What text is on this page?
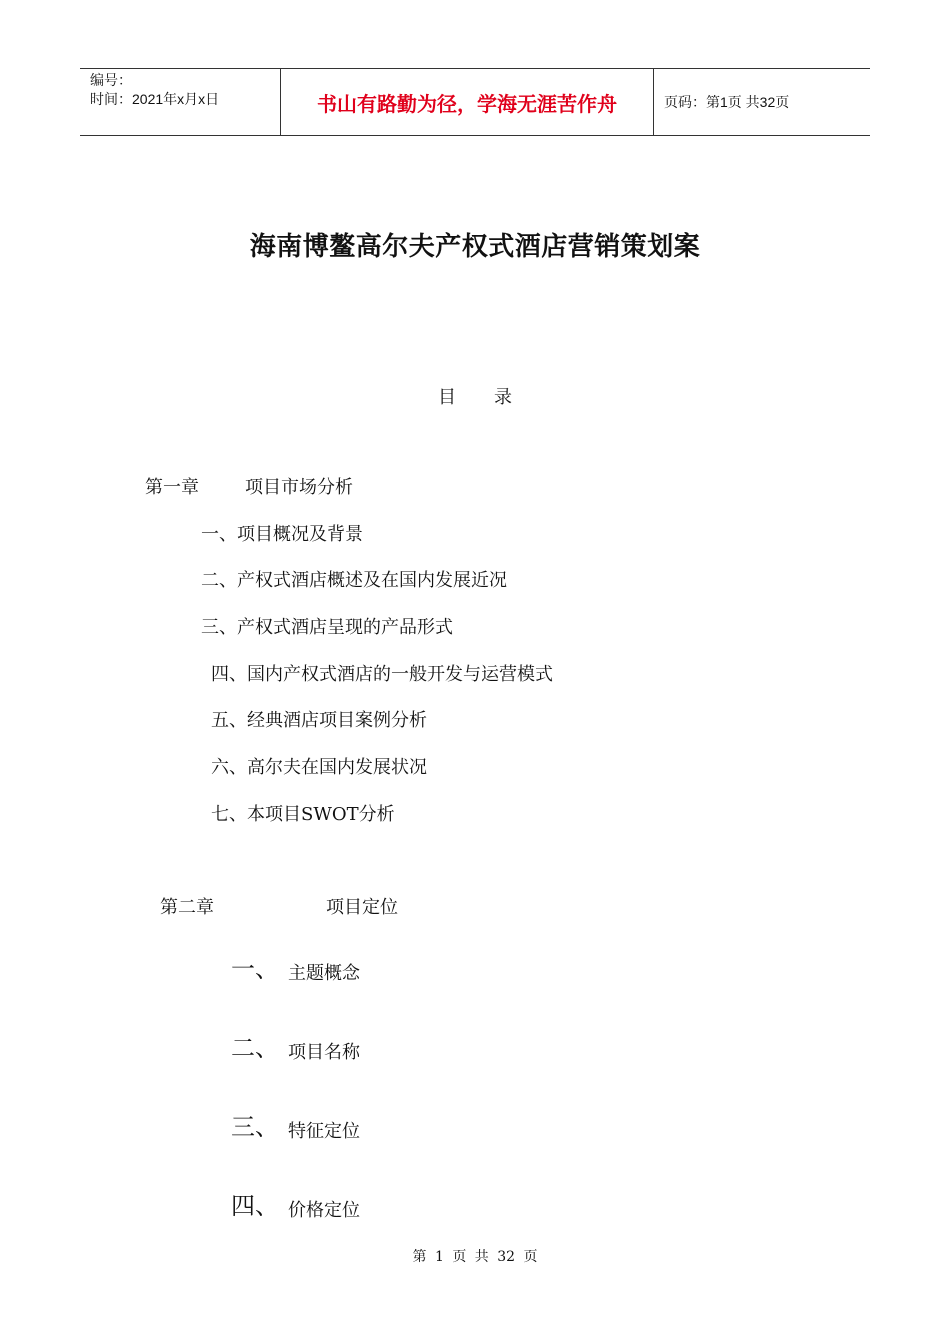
编号：
时间：2021年x月x日	书山有路勤为径，学海无涯苦作舟	页码：第1页 共32页
海南博鳌高尔夫产权式酒店营销策划案
目 录
第一章	项目市场分析
一、项目概况及背景
二、产权式酒店概述及在国内发展近况
三、产权式酒店呈现的产品形式
四、国内产权式酒店的一般开发与运营模式
五、经典酒店项目案例分析
六、高尔夫在国内发展状况
七、本项目SWOT分析
第二章	项目定位
一、 主题概念
二、 项目名称
三、 特征定位
四、 价格定位
第 1 页 共 32 页
